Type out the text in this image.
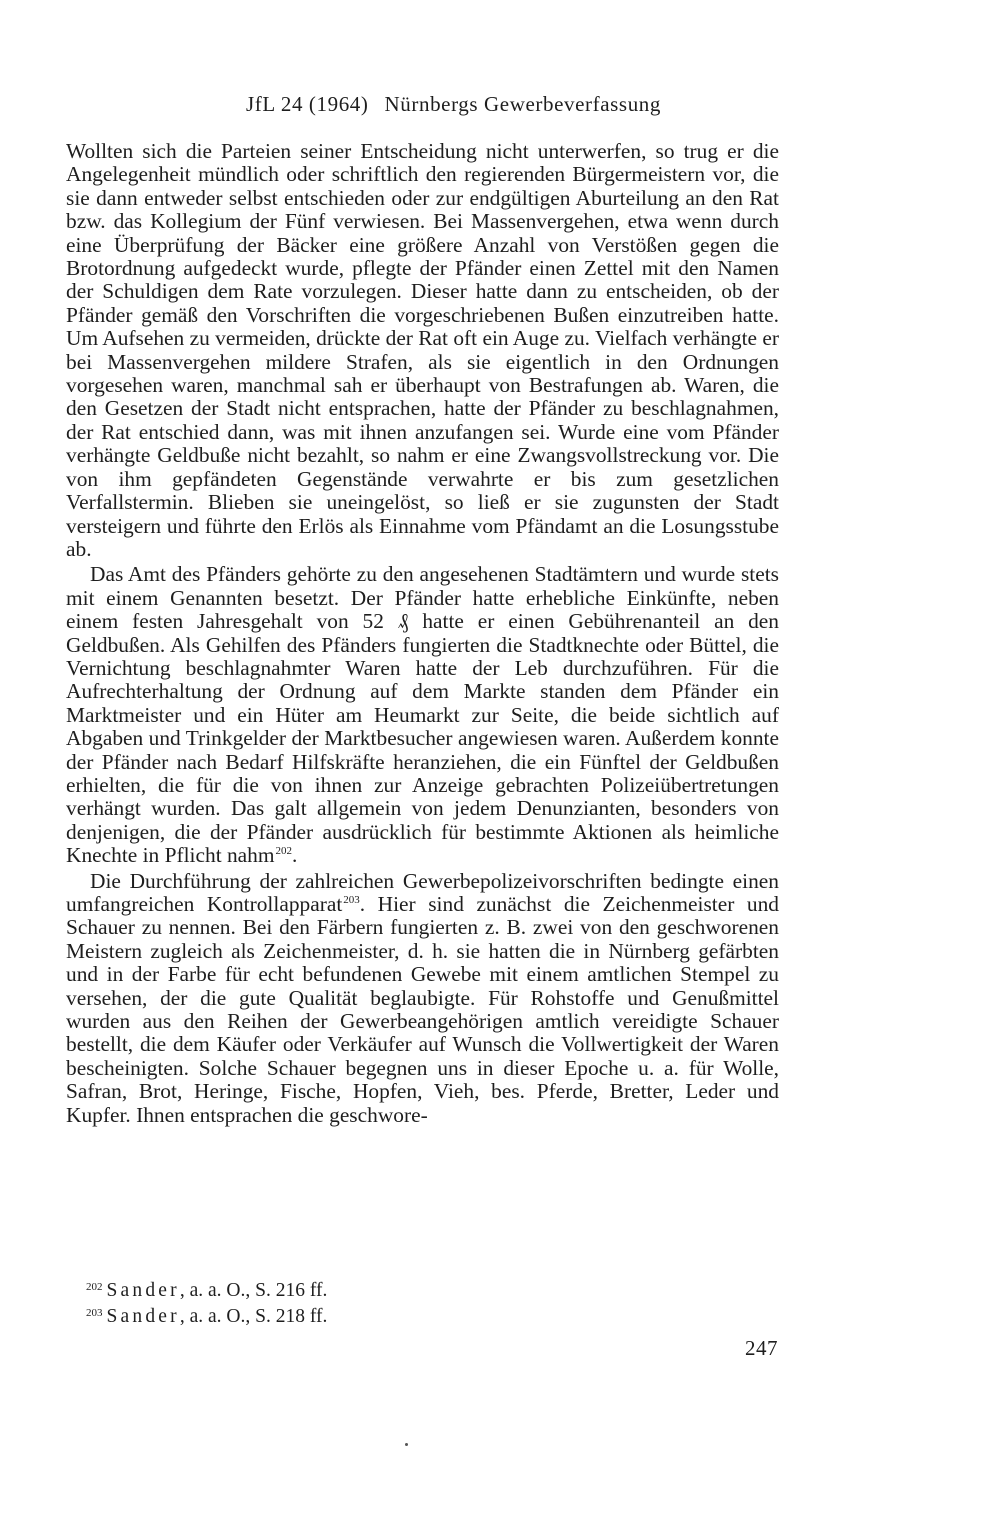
JfL 24 (1964) Nürnbergs Gewerbeverfassung

Wollten sich die Parteien seiner Entscheidung nicht unterwerfen, so trug er die Angelegenheit mündlich oder schriftlich den regierenden Bürgermeistern vor, die sie dann entweder selbst entschieden oder zur endgültigen Aburteilung an den Rat bzw. das Kollegium der Fünf verwiesen. Bei Massenvergehen, etwa wenn durch eine Überprüfung der Bäcker eine größere Anzahl von Verstößen gegen die Brotordnung aufgedeckt wurde, pflegte der Pfänder einen Zettel mit den Namen der Schuldigen dem Rate vorzulegen. Dieser hatte dann zu entscheiden, ob der Pfänder gemäß den Vorschriften die vorgeschriebenen Bußen einzutreiben hatte. Um Aufsehen zu vermeiden, drückte der Rat oft ein Auge zu. Vielfach verhängte er bei Massenvergehen mildere Strafen, als sie eigentlich in den Ordnungen vorgesehen waren, manchmal sah er überhaupt von Bestrafungen ab. Waren, die den Gesetzen der Stadt nicht entsprachen, hatte der Pfänder zu beschlagnahmen, der Rat entschied dann, was mit ihnen anzufangen sei. Wurde eine vom Pfänder verhängte Geldbuße nicht bezahlt, so nahm er eine Zwangsvollstreckung vor. Die von ihm gepfändeten Gegenstände verwahrte er bis zum gesetzlichen Verfallstermin. Blieben sie uneingelöst, so ließ er sie zugunsten der Stadt versteigern und führte den Erlös als Einnahme vom Pfändamt an die Losungsstube ab.

Das Amt des Pfänders gehörte zu den angesehenen Stadtämtern und wurde stets mit einem Genannten besetzt. Der Pfänder hatte erhebliche Einkünfte, neben einem festen Jahresgehalt von 52 ₰ hatte er einen Gebührenanteil an den Geldbußen. Als Gehilfen des Pfänders fungierten die Stadtknechte oder Büttel, die Vernichtung beschlagnahmter Waren hatte der Leb durchzuführen. Für die Aufrechterhaltung der Ordnung auf dem Markte standen dem Pfänder ein Marktmeister und ein Hüter am Heumarkt zur Seite, die beide sichtlich auf Abgaben und Trinkgelder der Marktbesucher angewiesen waren. Außerdem konnte der Pfänder nach Bedarf Hilfskräfte heranziehen, die ein Fünftel der Geldbußen erhielten, die für die von ihnen zur Anzeige gebrachten Polizeiübertretungen verhängt wurden. Das galt allgemein von jedem Denunzianten, besonders von denjenigen, die der Pfänder ausdrücklich für bestimmte Aktionen als heimliche Knechte in Pflicht nahm$^{202}$.

Die Durchführung der zahlreichen Gewerbepolizeivorschriften bedingte einen umfangreichen Kontrollapparat$^{203}$. Hier sind zunächst die Zeichenmeister und Schauer zu nennen. Bei den Färbern fungierten z. B. zwei von den geschworenen Meistern zugleich als Zeichenmeister, d. h. sie hatten die in Nürnberg gefärbten und in der Farbe für echt befundenen Gewebe mit einem amtlichen Stempel zu versehen, der die gute Qualität beglaubigte. Für Rohstoffe und Genußmittel wurden aus den Reihen der Gewerbeangehörigen amtlich vereidigte Schauer bestellt, die dem Käufer oder Verkäufer auf Wunsch die Vollwertigkeit der Waren bescheinigten. Solche Schauer begegnen uns in dieser Epoche u. a. für Wolle, Safran, Brot, Heringe, Fische, Hopfen, Vieh, bes. Pferde, Bretter, Leder und Kupfer. Ihnen entsprachen die geschwore-

$^{202}$ Sander, a. a. O., S. 216 ff.
$^{203}$ Sander, a. a. O., S. 218 ff.
247
